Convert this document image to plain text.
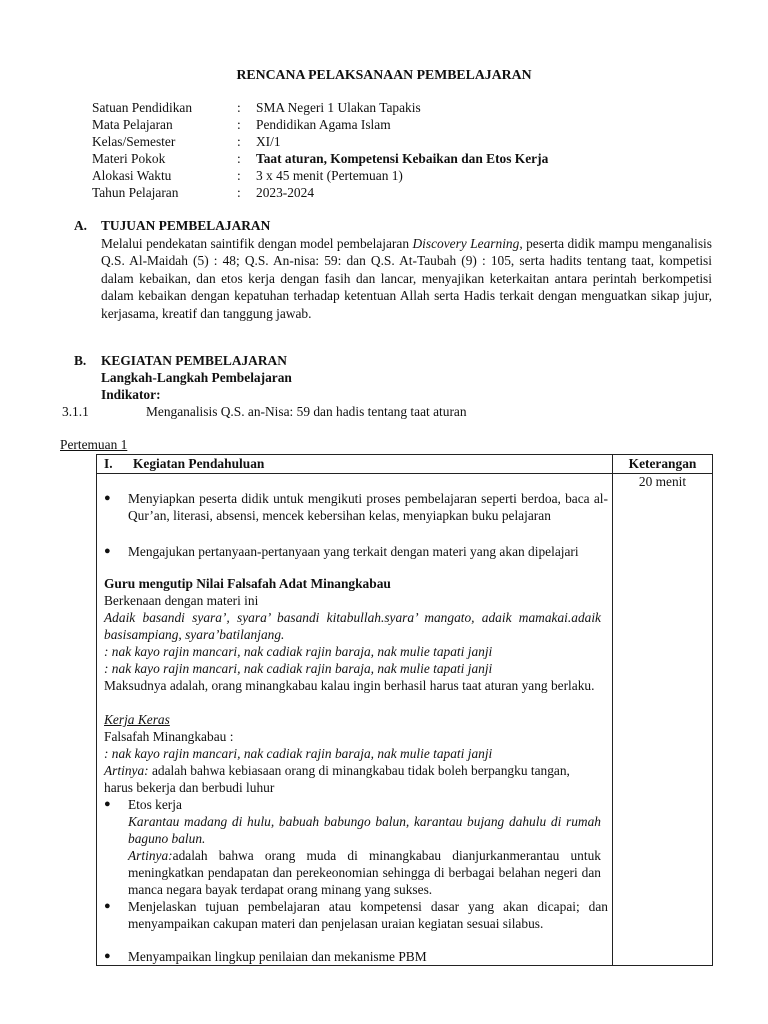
RENCANA PELAKSANAAN PEMBELAJARAN
Satuan Pendidikan	: SMA Negeri 1 Ulakan Tapakis
Mata Pelajaran	: Pendidikan Agama Islam
Kelas/Semester	: XI/1
Materi Pokok	: Taat aturan, Kompetensi Kebaikan dan Etos Kerja
Alokasi Waktu	: 3 x 45 menit (Pertemuan 1)
Tahun Pelajaran	: 2023-2024
A. TUJUAN PEMBELAJARAN
Melalui pendekatan saintifik dengan model pembelajaran Discovery Learning, peserta didik mampu menganalisis Q.S. Al-Maidah (5) : 48; Q.S. An-nisa: 59: dan Q.S. At-Taubah (9) : 105, serta hadits tentang taat, kompetisi dalam kebaikan, dan etos kerja dengan fasih dan lancar, menyajikan keterkaitan antara perintah berkompetisi dalam kebaikan dengan kepatuhan terhadap ketentuan Allah serta Hadis terkait dengan menguatkan sikap jujur, kerjasama, kreatif dan tanggung jawab.
B. KEGIATAN PEMBELAJARAN
Langkah-Langkah Pembelajaran
Indikator:
3.1.1	Menganalisis Q.S. an-Nisa: 59 dan hadis tentang taat aturan
Pertemuan 1
I. Kegiatan Pendahuluan	Keterangan
20 menit
● Menyiapkan peserta didik untuk mengikuti proses pembelajaran seperti berdoa, baca al-Qur’an, literasi, absensi, mencek kebersihan kelas, menyiapkan buku pelajaran
● Mengajukan pertanyaan-pertanyaan yang terkait dengan materi yang akan dipelajari
Guru mengutip Nilai Falsafah Adat Minangkabau
Berkenaan dengan materi ini
Adaik basandi syara’, syara’ basandi kitabullah.syara’ mangato, adaik mamakai.adaik basisampiang, syara’batilanjang.
: nak kayo rajin mancari, nak cadiak rajin baraja, nak mulie tapati janji
: nak kayo rajin mancari, nak cadiak rajin baraja, nak mulie tapati janji
Maksudnya adalah, orang minangkabau kalau ingin berhasil harus taat aturan yang berlaku.
Kerja Keras
Falsafah Minangkabau :
: nak kayo rajin mancari, nak cadiak rajin baraja, nak mulie tapati janji
Artinya: adalah bahwa kebiasaan orang di minangkabau tidak boleh berpangku tangan, harus bekerja dan berbudi luhur
● Etos kerja
Karantau madang di hulu, babuah babungo balun, karantau bujang dahulu di rumah baguno balun.
Artinya:adalah bahwa orang muda di minangkabau dianjurkanmerantau untuk meningkatkan pendapatan dan perekeonomian sehingga di berbagai belahan negeri dan manca negara bayak terdapat orang minang yang sukses.
● Menjelaskan tujuan pembelajaran atau kompetensi dasar yang akan dicapai; dan menyampaikan cakupan materi dan penjelasan uraian kegiatan sesuai silabus.
● Menyampaikan lingkup penilaian dan mekanisme PBM
